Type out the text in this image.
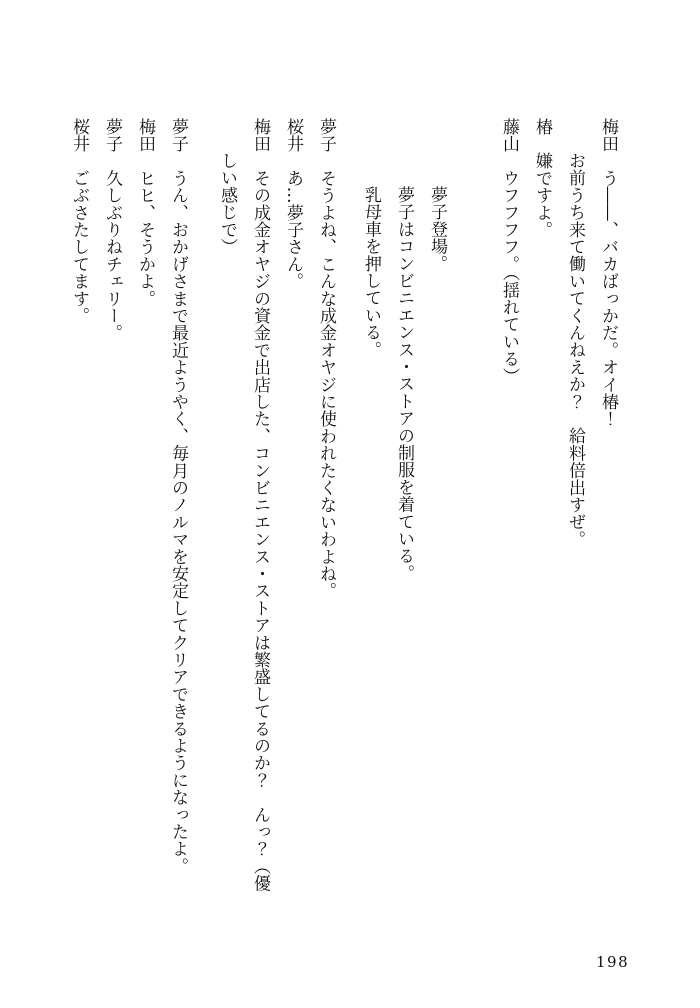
梅田う――、バカばっかだ。オイ椿！
お前うち来て働いてくんねえか？　給料倍出すぜ。
椿嫌ですよ。
藤山ウフフフフ。（揺れている）
夢子登場。
夢子はコンビニエンス・ストアの制服を着ている。
乳母車を押している。
夢子そうよね、こんな成金オヤジに使われたくないわよね。
桜井あ…夢子さん。
梅田その成金オヤジの資金で出店した、コンビニエンス・ストアは繁盛してるのか？　んっ？（優
しい感じで）
夢子うん、おかげさまで最近ようやく、毎月のノルマを安定してクリアできるようになったよ。
梅田ヒヒ、そうかよ。
夢子久しぶりねチェリー。
桜井ごぶさたしてます。
198
